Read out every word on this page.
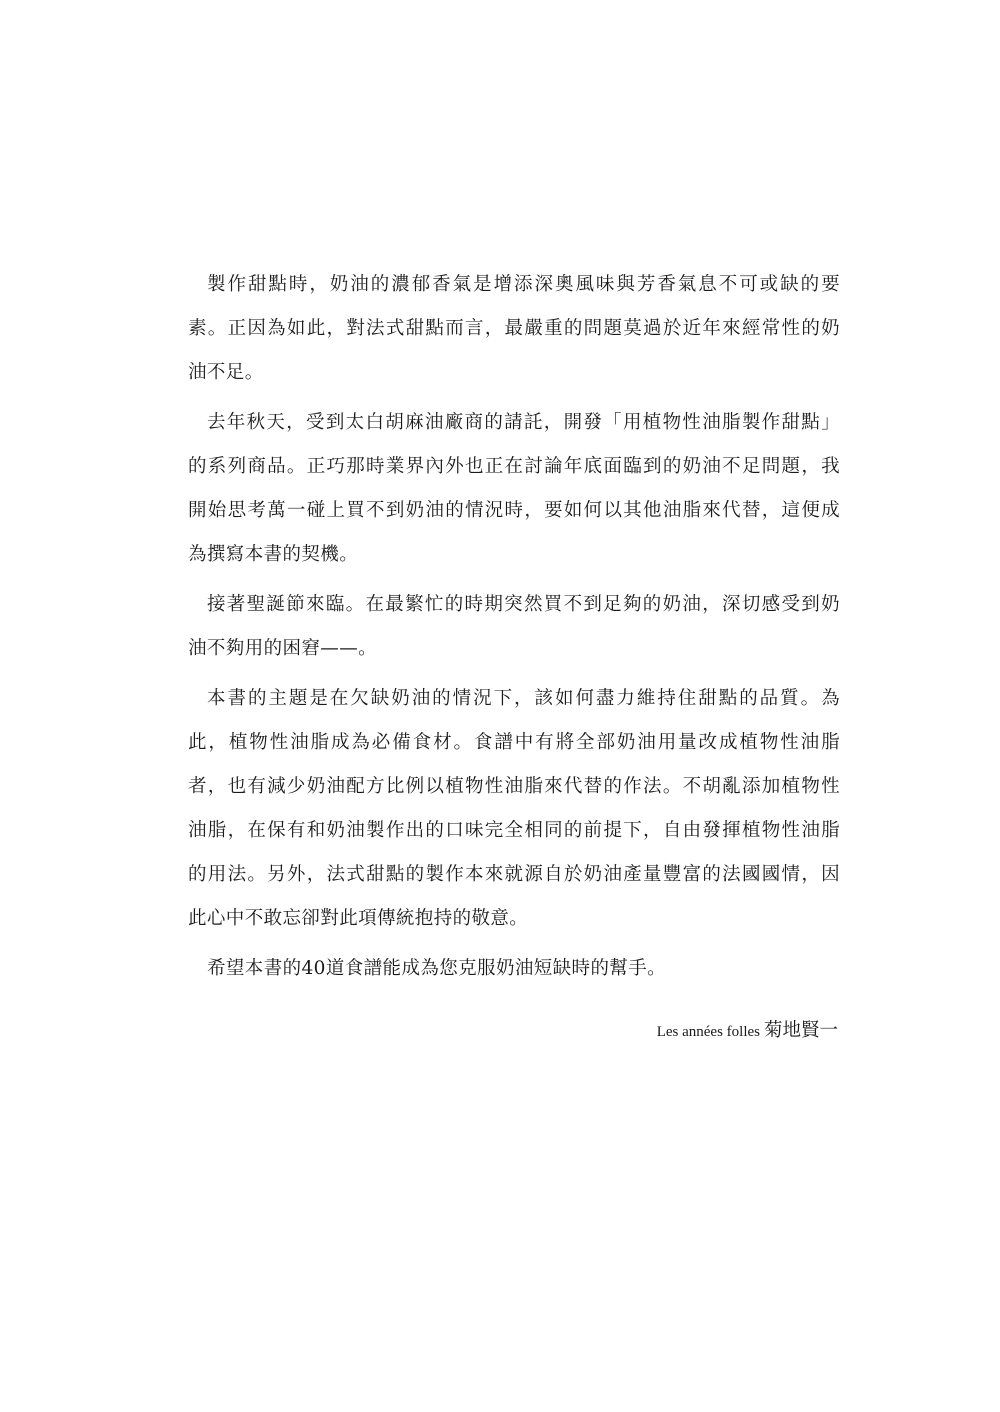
製作甜點時，奶油的濃郁香氣是增添深奧風味與芳香氣息不可或缺的要
素。正因為如此，對法式甜點而言，最嚴重的問題莫過於近年來經常性的奶
油不足。
去年秋天，受到太白胡麻油廠商的請託，開發「用植物性油脂製作甜點」
的系列商品。正巧那時業界內外也正在討論年底面臨到的奶油不足問題，我
開始思考萬一碰上買不到奶油的情況時，要如何以其他油脂來代替，這便成
為撰寫本書的契機。
接著聖誕節來臨。在最繁忙的時期突然買不到足夠的奶油，深切感受到奶
油不夠用的困窘——。
本書的主題是在欠缺奶油的情況下，該如何盡力維持住甜點的品質。為
此，植物性油脂成為必備食材。食譜中有將全部奶油用量改成植物性油脂
者，也有減少奶油配方比例以植物性油脂來代替的作法。不胡亂添加植物性
油脂，在保有和奶油製作出的口味完全相同的前提下，自由發揮植物性油脂
的用法。另外，法式甜點的製作本來就源自於奶油產量豐富的法國國情，因
此心中不敢忘卻對此項傳統抱持的敬意。
希望本書的40道食譜能成為您克服奶油短缺時的幫手。
Les années folles 菊地賢一
